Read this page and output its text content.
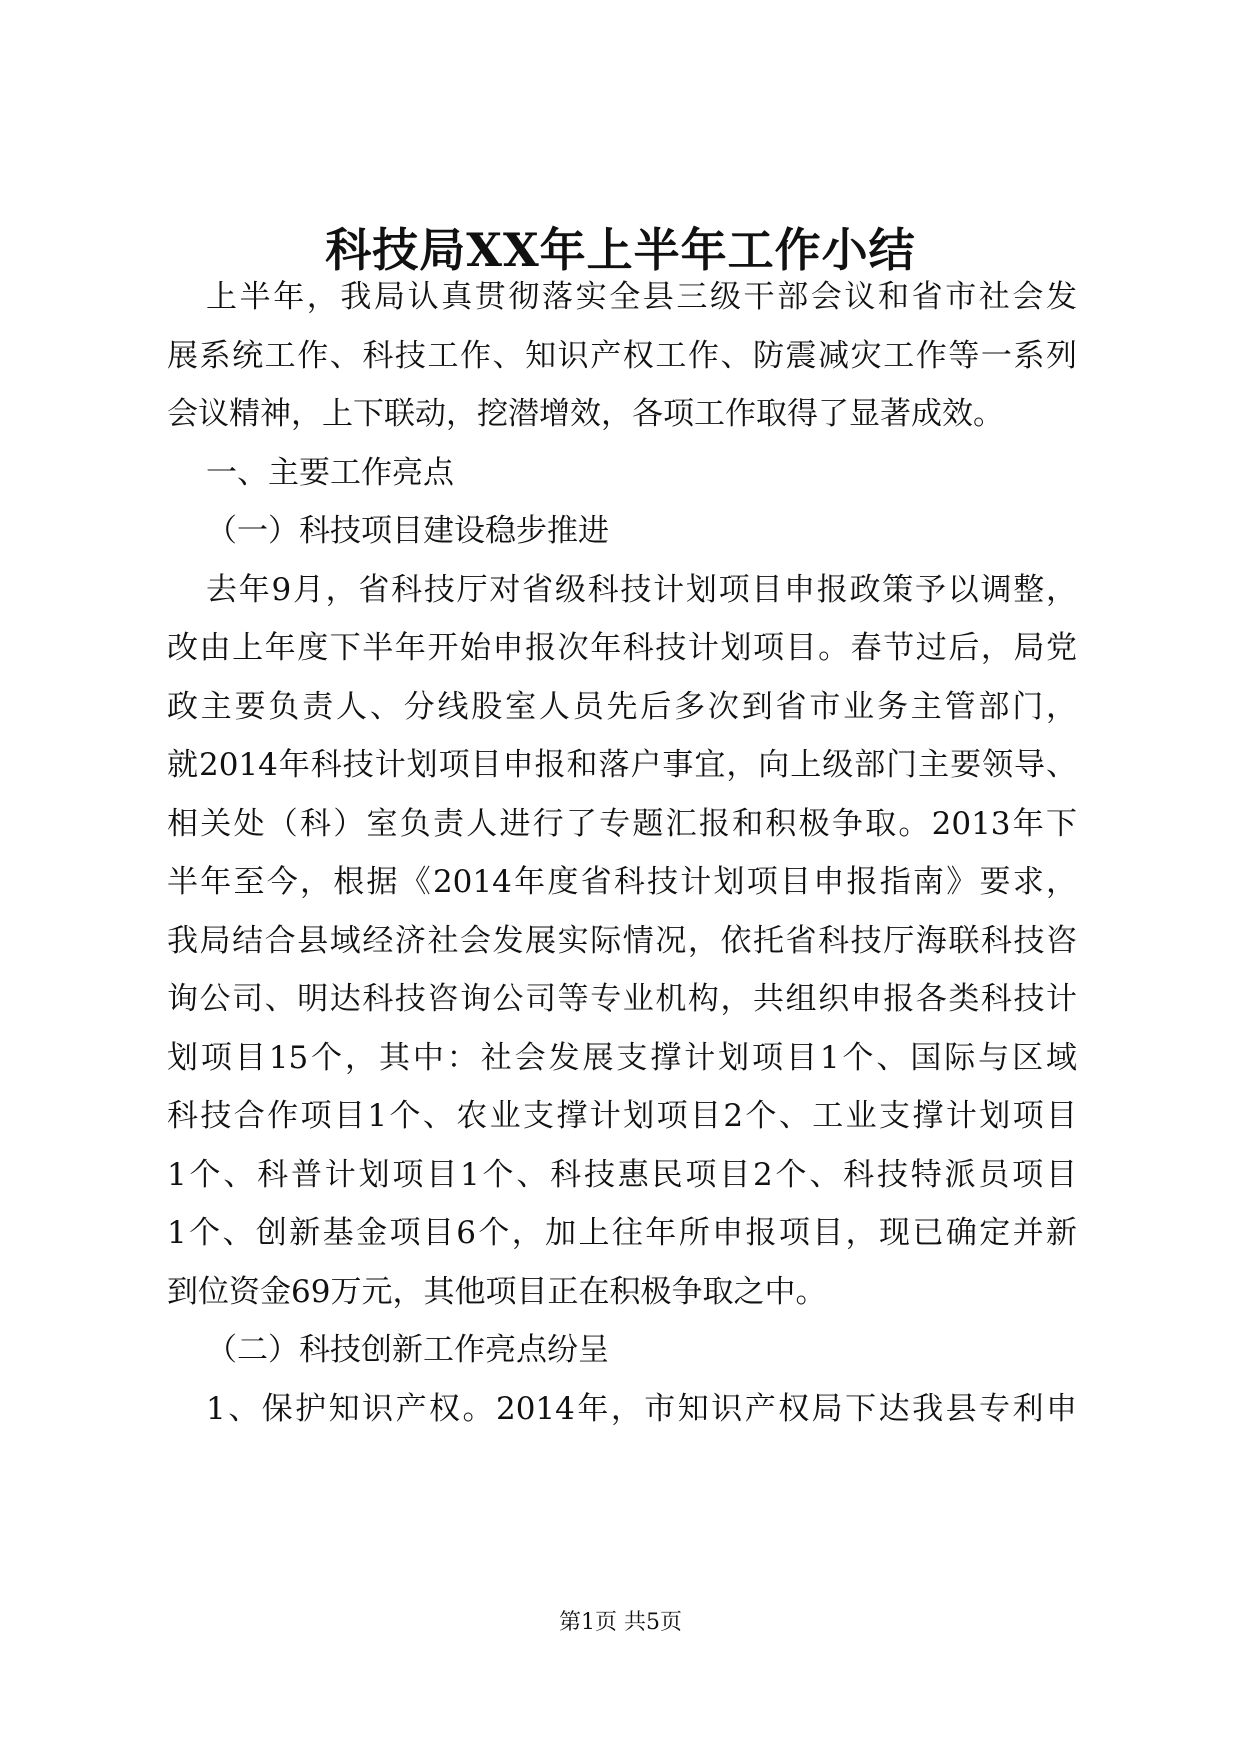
科技局XX年上半年工作小结
上半年，我局认真贯彻落实全县三级干部会议和省市社会发
展系统工作、科技工作、知识产权工作、防震减灾工作等一系列
会议精神，上下联动，挖潜增效，各项工作取得了显著成效。
一、主要工作亮点
（一）科技项目建设稳步推进
去年9月，省科技厅对省级科技计划项目申报政策予以调整，
改由上年度下半年开始申报次年科技计划项目。春节过后，局党
政主要负责人、分线股室人员先后多次到省市业务主管部门，
就2014年科技计划项目申报和落户事宜，向上级部门主要领导、
相关处（科）室负责人进行了专题汇报和积极争取。2013年下
半年至今，根据《2014年度省科技计划项目申报指南》要求，
我局结合县域经济社会发展实际情况，依托省科技厅海联科技咨
询公司、明达科技咨询公司等专业机构，共组织申报各类科技计
划项目15个，其中：社会发展支撑计划项目1个、国际与区域
科技合作项目1个、农业支撑计划项目2个、工业支撑计划项目
1个、科普计划项目1个、科技惠民项目2个、科技特派员项目
1个、创新基金项目6个，加上往年所申报项目，现已确定并新
到位资金69万元，其他项目正在积极争取之中。
（二）科技创新工作亮点纷呈
1、保护知识产权。2014年，市知识产权局下达我县专利申
第1页 共5页
